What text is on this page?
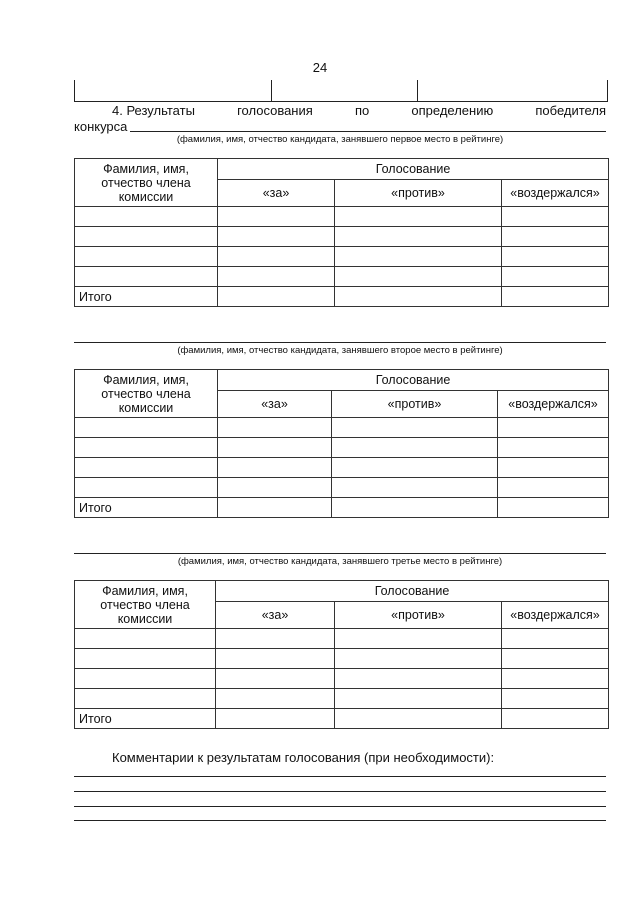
24
4. Результаты	голосования	по	определению	победителя
конкурса
(фамилия, имя, отчество кандидата, занявшего первое место в рейтинге)
Фамилия, имя, отчество члена комиссии	Голосование		
	«за»	«против»	«воздержался»

Итого			
(фамилия, имя, отчество кандидата, занявшего второе место в рейтинге)
Фамилия, имя, отчество члена комиссии	Голосование		
	«за»	«против»	«воздержался»

Итого			
(фамилия, имя, отчество кандидата, занявшего третье место в рейтинге)
Фамилия, имя, отчество члена комиссии	Голосование		
	«за»	«против»	«воздержался»

Итого			
Комментарии к результатам голосования (при необходимости):
